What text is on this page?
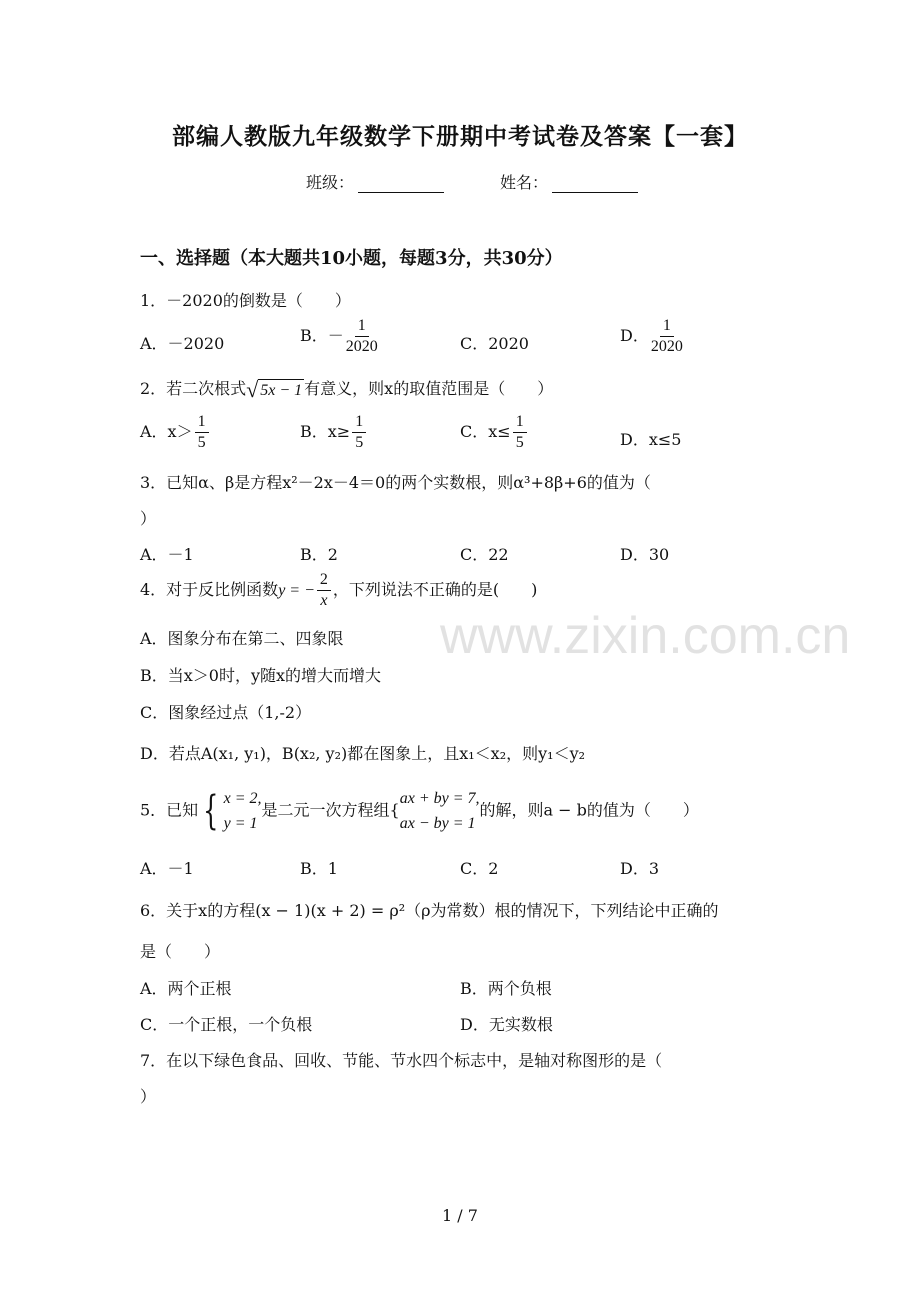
部编人教版九年级数学下册期中考试卷及答案【一套】
班级：	姓名：
一、选择题（本大题共10小题，每题3分，共30分）
www.zixin.com.cn
1．－2020的倒数是（　　）
A．－2020	B．－ $\frac{1}{2020}$	C．2020	D． $\frac{1}{2020}$
2．若二次根式 √ 5x − 1 有意义，则x的取值范围是（　　）
A．$x> \frac{1}{5}$	B．$x\ge \frac{1}{5}$	C．$x\le \frac{1}{5}$	D．x≤5
3．已知α、β是方程x²－2x－4＝0的两个实数根，则α³+8β+6的值为（
）
A．－1	B．2	C．22	D．30
4．对于反比例函数y = − $\frac{2}{x}$ ，下列说法不正确的是(　　)
A．图象分布在第二、四象限
B．当x＞0时，y随x的增大而增大
C．图象经过点（1,-2）
D．若点A(x₁, y₁)，B(x₂, y₂)都在图象上，且x₁＜x₂，则y₁＜y₂
5．已知 { x = 2,
y = 1
是二元一次方程组{
ax + by = 7,
ax − by = 1
的解，则a − b的值为（　　）
A．－1	B．1	C．2	D．3
6．关于x的方程(x − 1)(x + 2) = ρ²（ρ为常数）根的情况下，下列结论中正确的
是（　　）
A．两个正根	B．两个负根
C．一个正根，一个负根	D．无实数根
7．在以下绿色食品、回收、节能、节水四个标志中，是轴对称图形的是（
）
1 / 7
